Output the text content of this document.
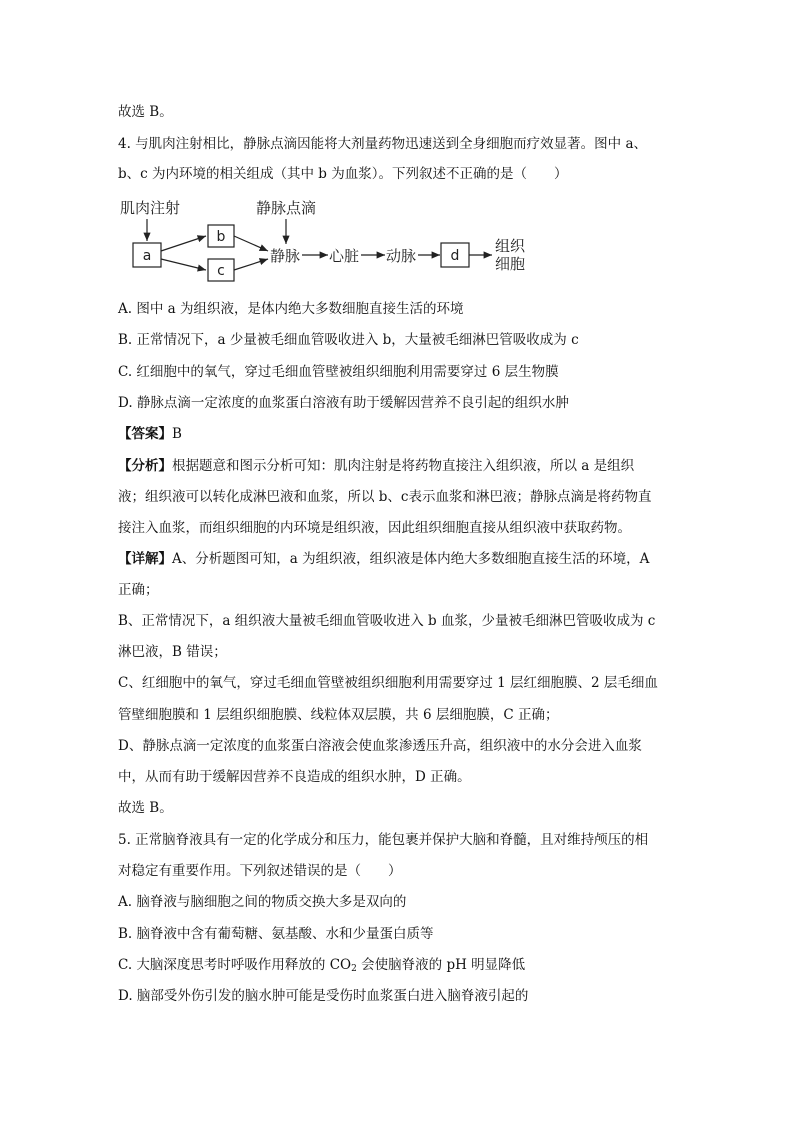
故选 B。
4. 与肌肉注射相比，静脉点滴因能将大剂量药物迅速送到全身细胞而疗效显著。图中 a、
b、c 为内环境的相关组成（其中 b 为血浆）。下列叙述不正确的是（　　）
肌肉注射	静脉点滴
a
b
c
静脉 心脏 动脉 d
组织
细胞
A. 图中 a 为组织液，是体内绝大多数细胞直接生活的环境
B. 正常情况下，a 少量被毛细血管吸收进入 b，大量被毛细淋巴管吸收成为 c
C. 红细胞中的氧气，穿过毛细血管壁被组织细胞利用需要穿过 6 层生物膜
D. 静脉点滴一定浓度的血浆蛋白溶液有助于缓解因营养不良引起的组织水肿
【答案】B
【分析】根据题意和图示分析可知：肌肉注射是将药物直接注入组织液，所以 a 是组织
液；组织液可以转化成淋巴液和血浆，所以 b、c表示血浆和淋巴液；静脉点滴是将药物直
接注入血浆，而组织细胞的内环境是组织液，因此组织细胞直接从组织液中获取药物。
【详解】A、分析题图可知，a 为组织液，组织液是体内绝大多数细胞直接生活的环境，A
正确；
B、正常情况下，a 组织液大量被毛细血管吸收进入 b 血浆，少量被毛细淋巴管吸收成为 c
淋巴液，B 错误；
C、红细胞中的氧气，穿过毛细血管壁被组织细胞利用需要穿过 1 层红细胞膜、2 层毛细血
管壁细胞膜和 1 层组织细胞膜、线粒体双层膜，共 6 层细胞膜，C 正确；
D、静脉点滴一定浓度的血浆蛋白溶液会使血浆渗透压升高，组织液中的水分会进入血浆
中，从而有助于缓解因营养不良造成的组织水肿，D 正确。
故选 B。
5. 正常脑脊液具有一定的化学成分和压力，能包裹并保护大脑和脊髓，且对维持颅压的相
对稳定有重要作用。下列叙述错误的是（　　）
A. 脑脊液与脑细胞之间的物质交换大多是双向的
B. 脑脊液中含有葡萄糖、氨基酸、水和少量蛋白质等
C. 大脑深度思考时呼吸作用释放的 $CO_2$ 会使脑脊液的 pH 明显降低
D. 脑部受外伤引发的脑水肿可能是受伤时血浆蛋白进入脑脊液引起的
